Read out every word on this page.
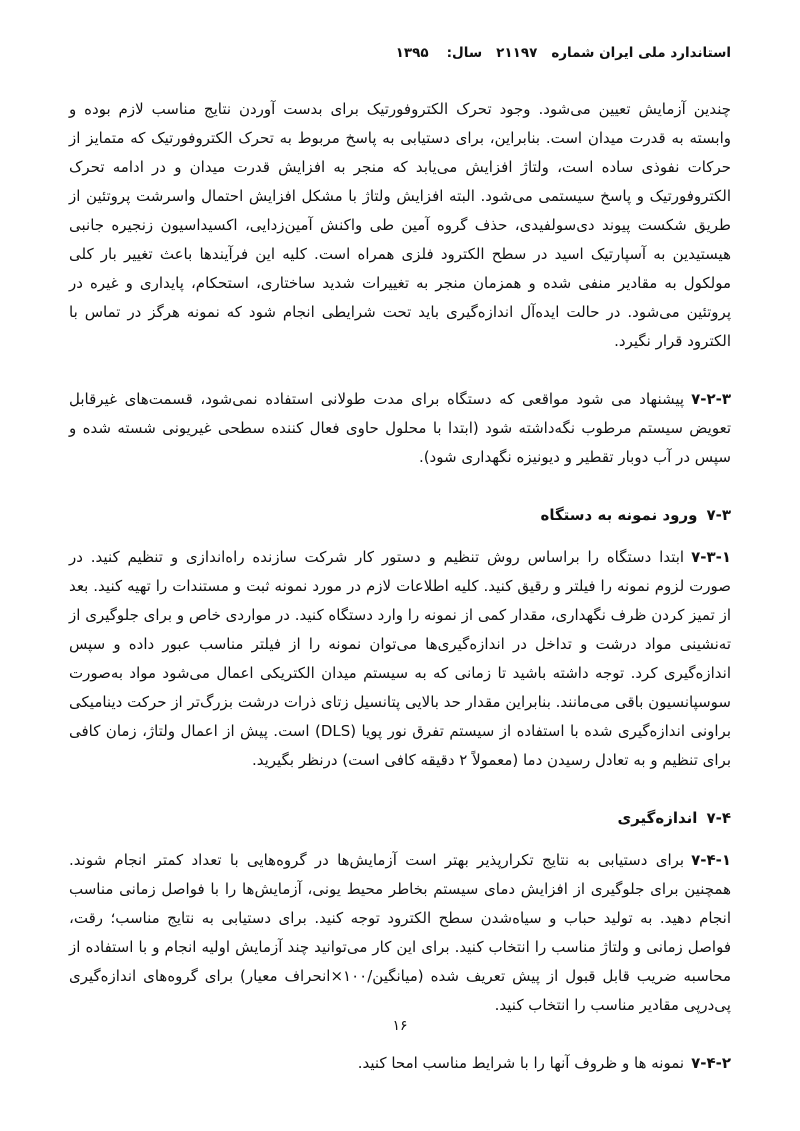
استاندارد ملی ایران شماره
۲۱۱۹۷
سال:
۱۳۹۵

چندین آزمایش تعیین می‌شود. وجود تحرک الکتروفورتیک برای بدست آوردن نتایج مناسب لازم بوده و وابسته به قدرت میدان است. بنابراین، برای دستیابی به پاسخ مربوط به تحرک الکتروفورتیک که متمایز از حرکات نفوذی ساده است، ولتاژ افزایش می‌یابد که منجر به افزایش قدرت میدان و در ادامه تحرک الکتروفورتیک و پاسخ سیستمی می‌شود. البته افزایش ولتاژ با مشکل افزایش احتمال واسرشت پروتئین از طریق شکست پیوند دی‌سولفیدی، حذف گروه آمین طی واکنش آمین‌زدایی، اکسیداسیون زنجیره جانبی هیستیدین به آسپارتیک اسید در سطح الکترود فلزی همراه است. کلیه این فرآیندها باعث تغییر بار کلی مولکول به مقادیر منفی شده و همزمان منجر به تغییرات شدید ساختاری، استحکام، پایداری و غیره در پروتئین می‌شود. در حالت ایده‌آل اندازه‌گیری باید تحت شرایطی انجام شود که نمونه هرگز در تماس با الکترود قرار نگیرد.

۷-۲-۳پیشنهاد می شود مواقعی که دستگاه برای مدت طولانی استفاده نمی‌شود، قسمت‌های غیرقابل تعویض سیستم مرطوب نگه‌داشته شود (ابتدا با محلول حاوی فعال کننده سطحی غیریونی شسته شده و سپس در آب دوبار تقطیر و دیونیزه نگهداری شود).

۷-۳ورود نمونه به دستگاه

۷-۳-۱ابتدا دستگاه را براساس روش تنظیم و دستور کار شرکت سازنده راه‌اندازی و تنظیم کنید. در صورت لزوم نمونه را فیلتر و رقیق کنید. کلیه اطلاعات لازم در مورد نمونه ثبت و مستندات را تهیه کنید. بعد از تمیز کردن ظرف نگهداری، مقدار کمی از نمونه را وارد دستگاه کنید. در مواردی خاص و برای جلوگیری از ته‌نشینی مواد درشت و تداخل در اندازه‌گیری‌ها می‌توان نمونه را از فیلتر مناسب عبور داده و سپس اندازه‌گیری کرد. توجه داشته باشید تا زمانی که به سیستم میدان الکتریکی اعمال می‌شود مواد به‌صورت سوسپانسیون باقی می‌مانند. بنابراین مقدار حد بالایی پتانسیل زتای ذرات درشت بزرگ‌تر از حرکت دینامیکی براونی اندازه‌گیری شده با استفاده از سیستم تفرق نور پویا (DLS) است. پیش از اعمال ولتاژ، زمان کافی برای تنظیم و به تعادل رسیدن دما (معمولاً ۲ دقیقه کافی است) درنظر بگیرید.

۷-۴اندازه‌گیری

۷-۴-۱برای دستیابی به نتایج تکرارپذیر بهتر است آزمایش‌ها در گروه‌هایی با تعداد کمتر انجام شوند. همچنین برای جلوگیری از افزایش دمای سیستم بخاطر محیط یونی، آزمایش‌ها را با فواصل زمانی مناسب انجام دهید. به تولید حباب و سیاه‌شدن سطح الکترود توجه کنید. برای دستیابی به نتایج مناسب؛ رقت، فواصل زمانی و ولتاژ مناسب را انتخاب کنید. برای این کار می‌توانید چند آزمایش اولیه انجام و با استفاده از محاسبه ضریب قابل قبول از پیش تعریف شده (میانگین/۱۰۰×انحراف معیار) برای گروه‌های اندازه‌گیری پی‌درپی مقادیر مناسب را انتخاب کنید.

۷-۴-۲نمونه ها و ظروف آنها را با شرایط مناسب امحا کنید.

۱۶
